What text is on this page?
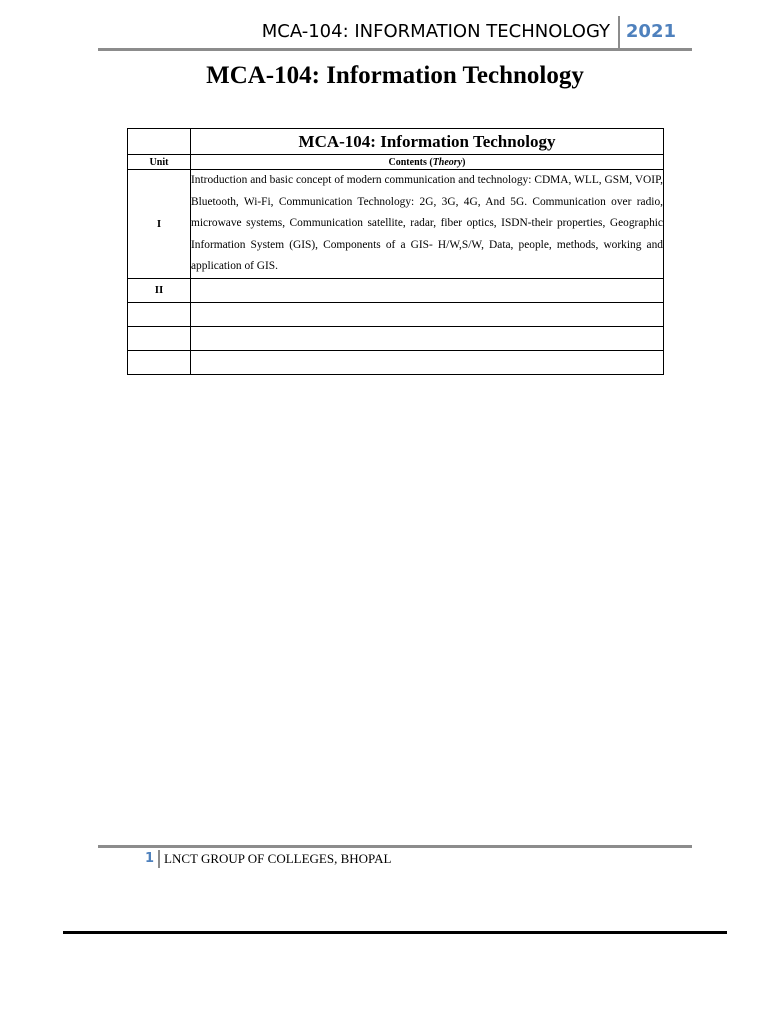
MCA-104: INFORMATION TECHNOLOGY 2021
MCA-104: Information Technology
	MCA-104: Information Technology
Unit	Contents (Theory)
I	Introduction and basic concept of modern communication and technology: CDMA, WLL, GSM, VOIP, Bluetooth, Wi-Fi, Communication Technology: 2G, 3G, 4G, And 5G. Communication over radio, microwave systems, Communication satellite, radar, fiber optics, ISDN-their properties, Geographic Information System (GIS), Components of a GIS- H/W,S/W, Data, people, methods, working and application of GIS.
II	

1 LNCT GROUP OF COLLEGES, BHOPAL
